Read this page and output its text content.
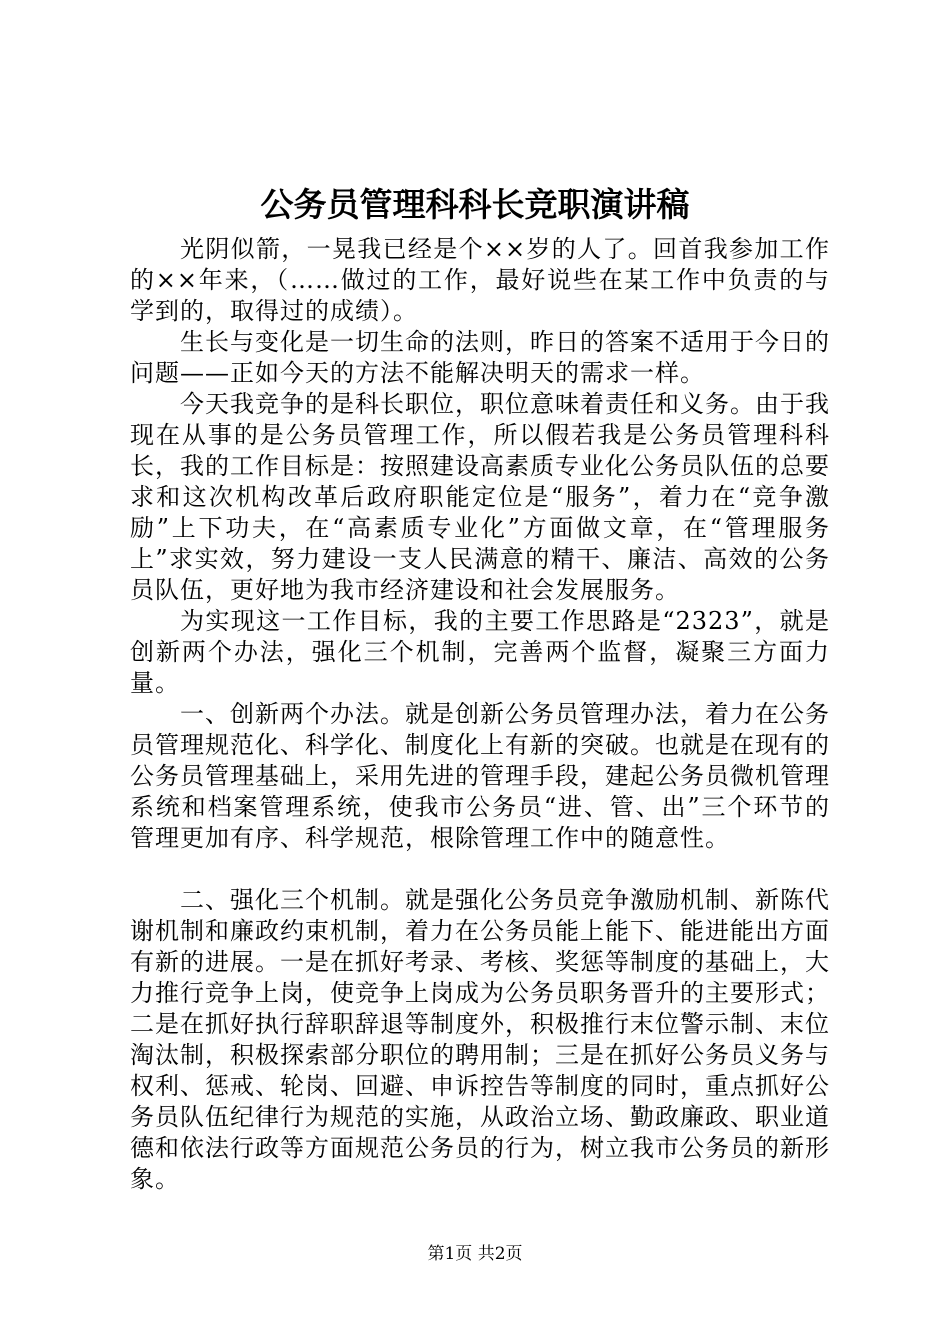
公务员管理科科长竞职演讲稿

光阴似箭，一晃我已经是个××岁的人了。回首我参加工作的××年来，（……做过的工作，最好说些在某工作中负责的与学到的，取得过的成绩）。

生长与变化是一切生命的法则，昨日的答案不适用于今日的问题——正如今天的方法不能解决明天的需求一样。

今天我竞争的是科长职位，职位意味着责任和义务。由于我现在从事的是公务员管理工作，所以假若我是公务员管理科科长，我的工作目标是：按照建设高素质专业化公务员队伍的总要求和这次机构改革后政府职能定位是“服务”，着力在“竞争激励”上下功夫，在“高素质专业化”方面做文章，在“管理服务上”求实效，努力建设一支人民满意的精干、廉洁、高效的公务员队伍，更好地为我市经济建设和社会发展服务。

为实现这一工作目标，我的主要工作思路是“2323”，就是创新两个办法，强化三个机制，完善两个监督，凝聚三方面力量。

一、创新两个办法。就是创新公务员管理办法，着力在公务员管理规范化、科学化、制度化上有新的突破。也就是在现有的公务员管理基础上，采用先进的管理手段，建起公务员微机管理系统和档案管理系统，使我市公务员“进、管、出”三个环节的管理更加有序、科学规范，根除管理工作中的随意性。

二、强化三个机制。就是强化公务员竞争激励机制、新陈代谢机制和廉政约束机制，着力在公务员能上能下、能进能出方面有新的进展。一是在抓好考录、考核、奖惩等制度的基础上，大力推行竞争上岗，使竞争上岗成为公务员职务晋升的主要形式；二是在抓好执行辞职辞退等制度外，积极推行末位警示制、末位淘汰制，积极探索部分职位的聘用制；三是在抓好公务员义务与权利、惩戒、轮岗、回避、申诉控告等制度的同时，重点抓好公务员队伍纪律行为规范的实施，从政治立场、勤政廉政、职业道德和依法行政等方面规范公务员的行为，树立我市公务员的新形象。

第1页 共2页
